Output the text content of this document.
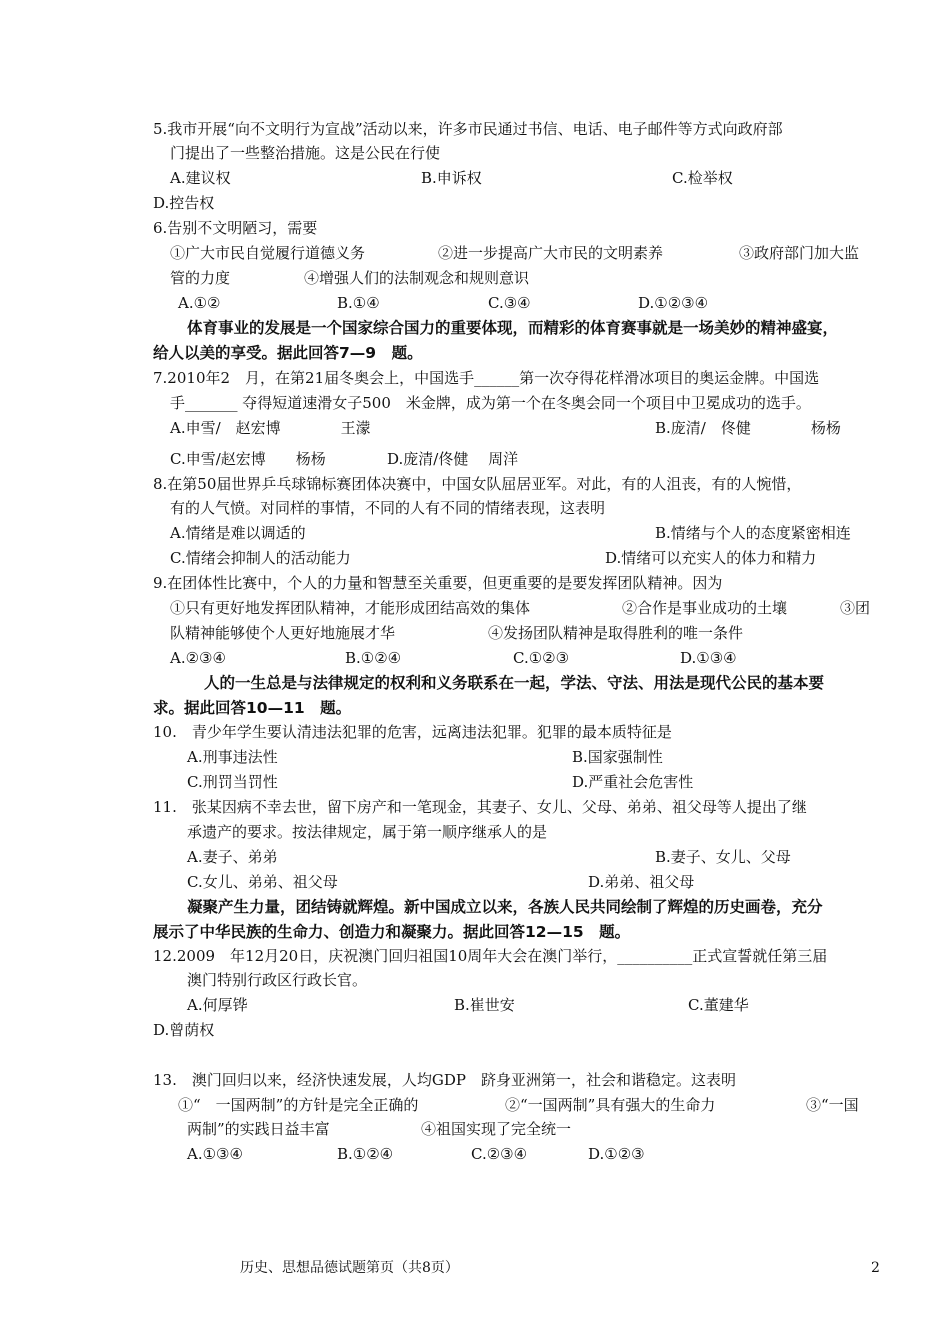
5.我市开展“向不文明行为宣战”活动以来，许多市民通过书信、电话、电子邮件等方式向政府部
门提出了一些整治措施。这是公民在行使
A.建议权	B.申诉权	C.检举权
D.控告权
6.告别不文明陋习，需要
①广大市民自觉履行道德义务	②进一步提高广大市民的文明素养	③政府部门加大监
管的力度	④增强人们的法制观念和规则意识
A.①②	B.①④	C.③④	D.①②③④
体育事业的发展是一个国家综合国力的重要体现，而精彩的体育赛事就是一场美妙的精神盛宴，
给人以美的享受。据此回答7—9　题。
7.2010年2　月，在第21届冬奥会上，中国选手______第一次夺得花样滑冰项目的奥运金牌。中国选
手_______ 夺得短道速滑女子500　米金牌，成为第一个在冬奥会同一个项目中卫冕成功的选手。
A.申雪/　赵宏博　　　　王濛	B.庞清/　佟健　　　　杨杨
C.申雪/赵宏博　　杨杨	D.庞清/佟健　 周洋
8.在第50届世界乒乓球锦标赛团体决赛中，中国女队屈居亚军。对此，有的人沮丧，有的人惋惜，
有的人气愤。对同样的事情，不同的人有不同的情绪表现，这表明
A.情绪是难以调适的	B.情绪与个人的态度紧密相连
C.情绪会抑制人的活动能力	D.情绪可以充实人的体力和精力
9.在团体性比赛中，个人的力量和智慧至关重要，但更重要的是要发挥团队精神。因为
①只有更好地发挥团队精神，才能形成团结高效的集体	②合作是事业成功的土壤	③团
队精神能够使个人更好地施展才华	④发扬团队精神是取得胜利的唯一条件
A.②③④	B.①②④	C.①②③	D.①③④
人的一生总是与法律规定的权利和义务联系在一起，学法、守法、用法是现代公民的基本要
求。据此回答10—11　题。
10.　青少年学生要认清违法犯罪的危害，远离违法犯罪。犯罪的最本质特征是
A.刑事违法性	B.国家强制性
C.刑罚当罚性	D.严重社会危害性
11.　张某因病不幸去世，留下房产和一笔现金，其妻子、女儿、父母、弟弟、祖父母等人提出了继
承遗产的要求。按法律规定，属于第一顺序继承人的是
A.妻子、弟弟	B.妻子、女儿、父母
C.女儿、弟弟、祖父母	D.弟弟、祖父母
凝聚产生力量，团结铸就辉煌。新中国成立以来，各族人民共同绘制了辉煌的历史画卷，充分
展示了中华民族的生命力、创造力和凝聚力。据此回答12—15　题。
12.2009　年12月20日，庆祝澳门回归祖国10周年大会在澳门举行，__________正式宣誓就任第三届
澳门特别行政区行政长官。
A.何厚铧	B.崔世安	C.董建华
D.曾荫权
13.　澳门回归以来，经济快速发展，人均GDP　跻身亚洲第一，社会和谐稳定。这表明
①“　一国两制”的方针是完全正确的	②“一国两制”具有强大的生命力	③“一国
两制”的实践日益丰富	④祖国实现了完全统一
A.①③④	B.①②④	C.②③④	D.①②③
历史、思想品德试题第页（共8页）	2
